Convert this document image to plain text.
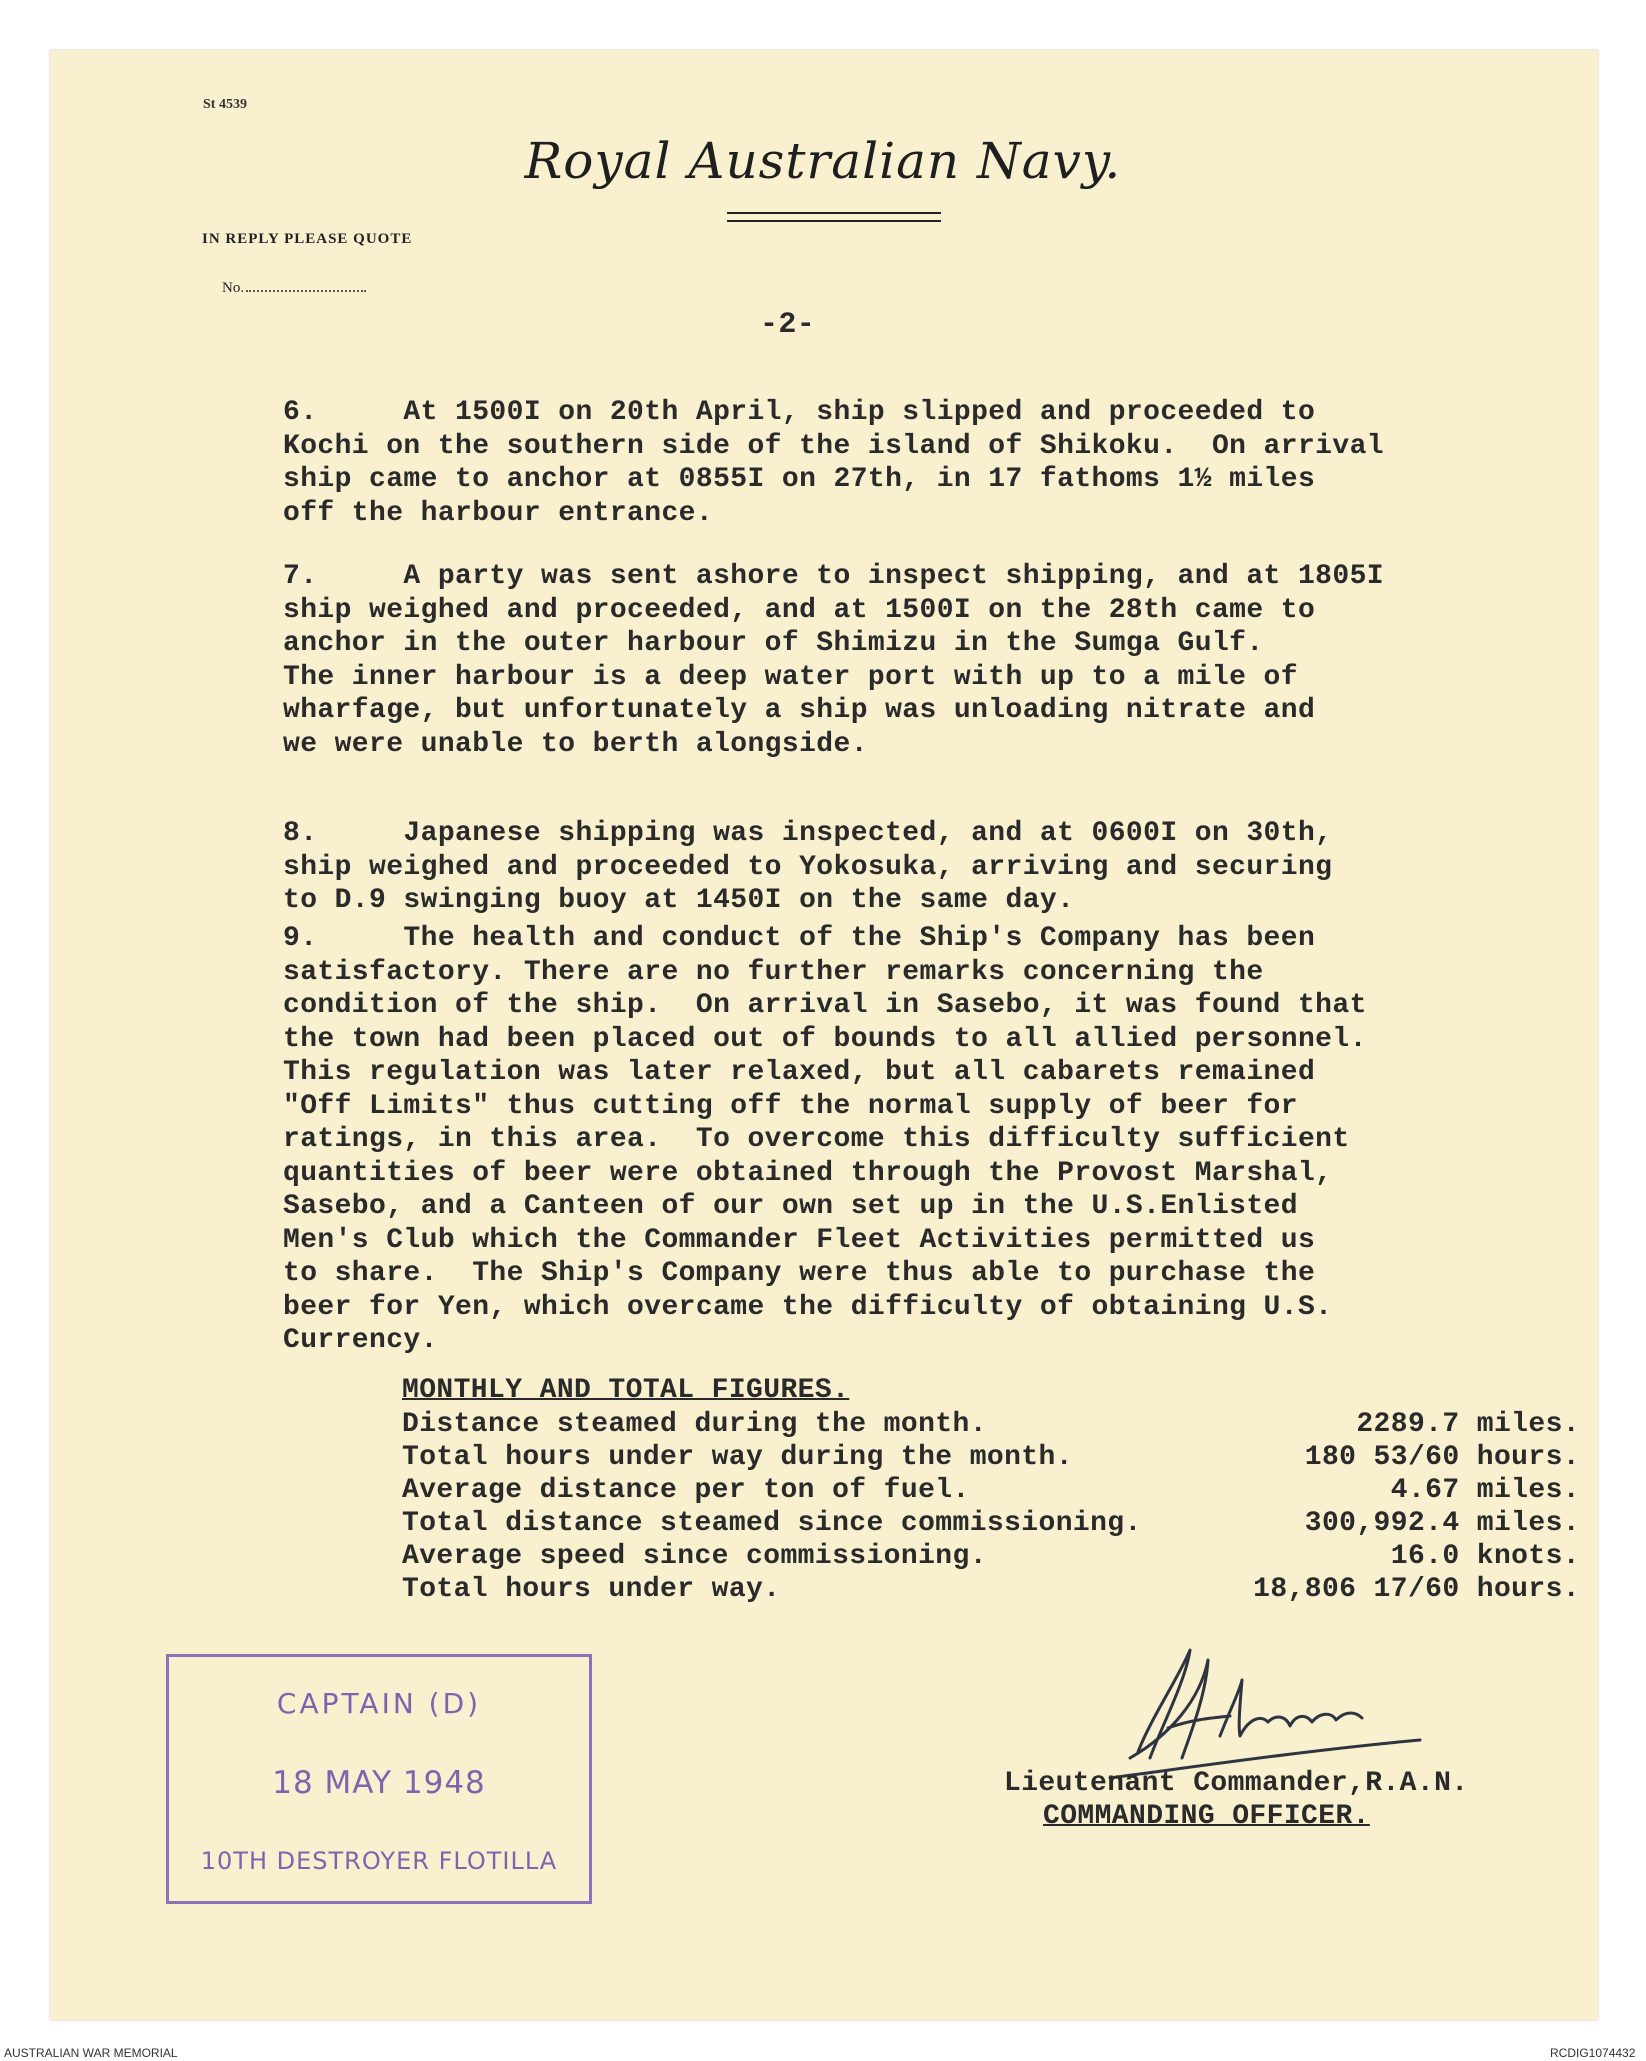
St 4539
Royal Australian Navy.
IN REPLY PLEASE QUOTE
No.
-2-
6.     At 1500I on 20th April, ship slipped and proceeded to
Kochi on the southern side of the island of Shikoku.  On arrival
ship came to anchor at 0855I on 27th, in 17 fathoms 1½ miles
off the harbour entrance.
7.     A party was sent ashore to inspect shipping, and at 1805I
ship weighed and proceeded, and at 1500I on the 28th came to
anchor in the outer harbour of Shimizu in the Sumga Gulf.
The inner harbour is a deep water port with up to a mile of
wharfage, but unfortunately a ship was unloading nitrate and
we were unable to berth alongside.
8.     Japanese shipping was inspected, and at 0600I on 30th,
ship weighed and proceeded to Yokosuka, arriving and securing
to D.9 swinging buoy at 1450I on the same day.
9.     The health and conduct of the Ship's Company has been
satisfactory. There are no further remarks concerning the
condition of the ship.  On arrival in Sasebo, it was found that
the town had been placed out of bounds to all allied personnel.
This regulation was later relaxed, but all cabarets remained
"Off Limits" thus cutting off the normal supply of beer for
ratings, in this area.  To overcome this difficulty sufficient
quantities of beer were obtained through the Provost Marshal,
Sasebo, and a Canteen of our own set up in the U.S.Enlisted
Men's Club which the Commander Fleet Activities permitted us
to share.  The Ship's Company were thus able to purchase the
beer for Yen, which overcame the difficulty of obtaining U.S.
Currency.
MONTHLY AND TOTAL FIGURES.
Distance steamed during the month.	2289.7 miles.
Total hours under way during the month.	180 53/60 hours.
Average distance per ton of fuel.	4.67 miles.
Total distance steamed since commissioning.	300,992.4 miles.
Average speed since commissioning.	16.0 knots.
Total hours under way.	18,806 17/60 hours.
Lieutenant Commander,R.A.N.
COMMANDING OFFICER.
CAPTAIN (D)
18 MAY 1948
10TH DESTROYER FLOTILLA
AUSTRALIAN WAR MEMORIAL	RCDIG1074432
